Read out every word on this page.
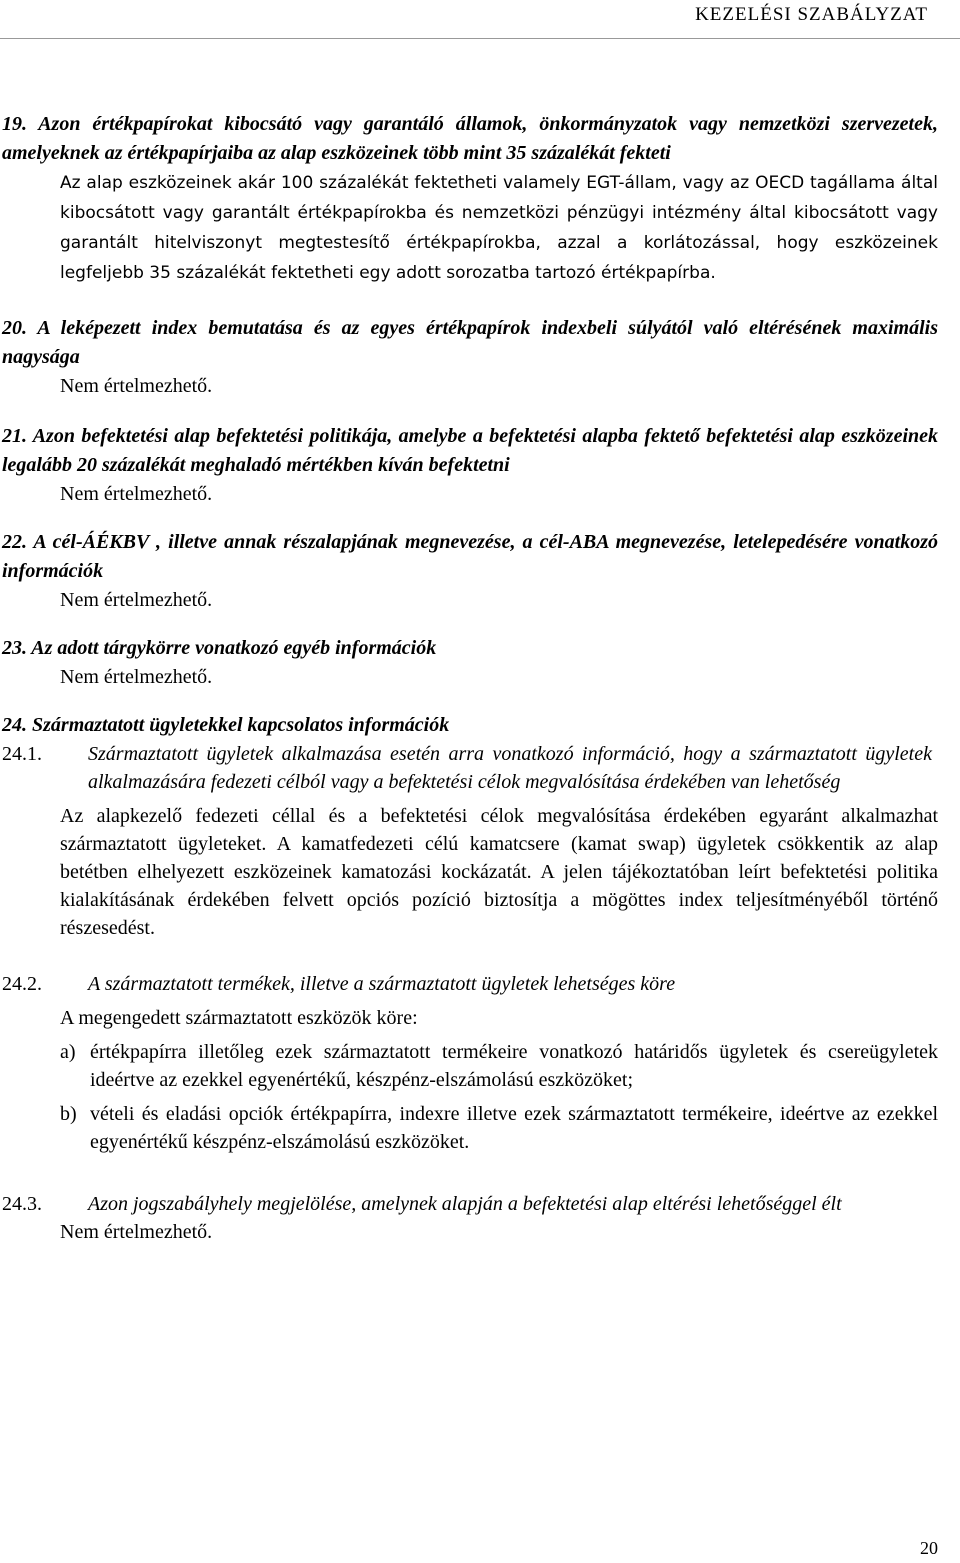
KEZELÉSI SZABÁLYZAT

19. Azon értékpapírokat kibocsátó vagy garantáló államok, önkormányzatok vagy nemzetközi szervezetek, amelyeknek az értékpapírjaiba az alap eszközeinek több mint 35 százalékát fekteti

Az alap eszközeinek akár 100 százalékát fektetheti valamely EGT-állam, vagy az OECD tagállama által kibocsátott vagy garantált értékpapírokba és nemzetközi pénzügyi intézmény által kibocsátott vagy garantált hitelviszonyt megtestesítő értékpapírokba, azzal a korlátozással, hogy eszközeinek legfeljebb 35 százalékát fektetheti egy adott sorozatba tartozó értékpapírba.

20. A leképezett index bemutatása és az egyes értékpapírok indexbeli súlyától való eltérésének maximális nagysága

Nem értelmezhető.

21. Azon befektetési alap befektetési politikája, amelybe a befektetési alapba fektető befektetési alap eszközeinek legalább 20 százalékát meghaladó mértékben kíván befektetni

Nem értelmezhető.

22. A cél-ÁÉKBV , illetve annak részalapjának megnevezése, a cél-ABA megnevezése, letelepedésére vonatkozó információk

Nem értelmezhető.

23. Az adott tárgykörre vonatkozó egyéb információk

Nem értelmezhető.

24. Származtatott ügyletekkel kapcsolatos információk

24.1.	Származtatott ügyletek alkalmazása esetén arra vonatkozó információ, hogy a származtatott ügyletek alkalmazására fedezeti célból vagy a befektetési célok megvalósítása érdekében van lehetőség

Az alapkezelő fedezeti céllal és a befektetési célok megvalósítása érdekében egyaránt alkalmazhat származtatott ügyleteket. A kamatfedezeti célú kamatcsere (kamat swap) ügyletek csökkentik az alap betétben elhelyezett eszközeinek kamatozási kockázatát. A jelen tájékoztatóban leírt befektetési politika kialakításának érdekében felvett opciós pozíció biztosítja a mögöttes index teljesítményéből történő részesedést.

24.2.	A származtatott termékek, illetve a származtatott ügyletek lehetséges köre

A megengedett származtatott eszközök köre:

a) értékpapírra illetőleg ezek származtatott termékeire vonatkozó határidős ügyletek és csereügyletek ideértve az ezekkel egyenértékű, készpénz-elszámolású eszközöket;
b) vételi és eladási opciók értékpapírra, indexre illetve ezek származtatott termékeire, ideértve az ezekkel egyenértékű készpénz-elszámolású eszközöket.
24.3.	Azon jogszabályhely megjelölése, amelynek alapján a befektetési alap eltérési lehetőséggel élt

Nem értelmezhető.

20
